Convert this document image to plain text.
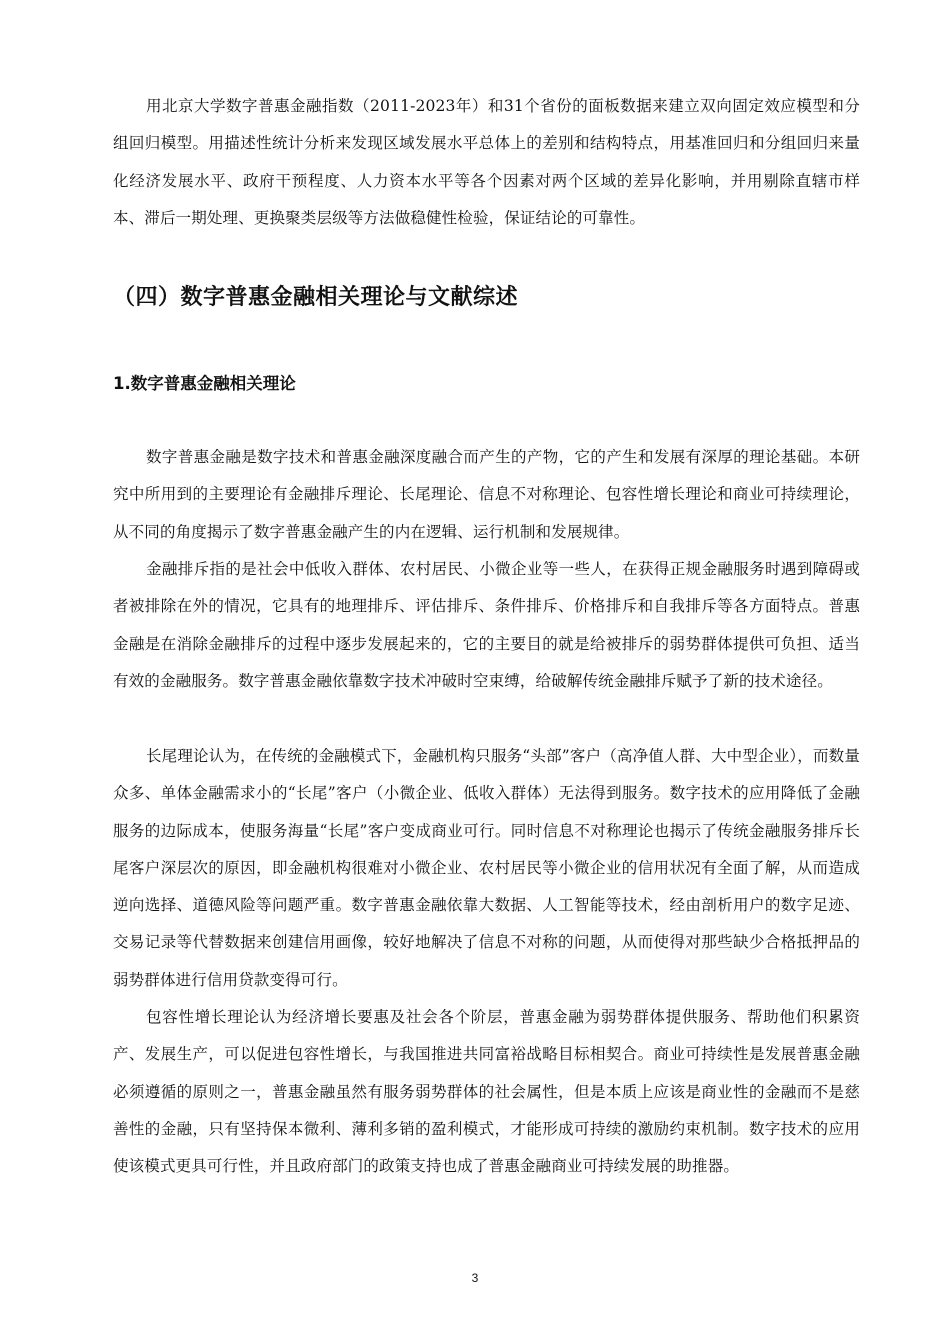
用北京大学数字普惠金融指数（2011-2023年）和31个省份的面板数据来建立双向固定效应模型和分组回归模型。用描述性统计分析来发现区域发展水平总体上的差别和结构特点，用基准回归和分组回归来量化经济发展水平、政府干预程度、人力资本水平等各个因素对两个区域的差异化影响，并用剔除直辖市样本、滞后一期处理、更换聚类层级等方法做稳健性检验，保证结论的可靠性。

（四）数字普惠金融相关理论与文献综述
1.数字普惠金融相关理论

数字普惠金融是数字技术和普惠金融深度融合而产生的产物，它的产生和发展有深厚的理论基础。本研究中所用到的主要理论有金融排斥理论、长尾理论、信息不对称理论、包容性增长理论和商业可持续理论，从不同的角度揭示了数字普惠金融产生的内在逻辑、运行机制和发展规律。

金融排斥指的是社会中低收入群体、农村居民、小微企业等一些人，在获得正规金融服务时遇到障碍或者被排除在外的情况，它具有的地理排斥、评估排斥、条件排斥、价格排斥和自我排斥等各方面特点。普惠金融是在消除金融排斥的过程中逐步发展起来的，它的主要目的就是给被排斥的弱势群体提供可负担、适当有效的金融服务。数字普惠金融依靠数字技术冲破时空束缚，给破解传统金融排斥赋予了新的技术途径。

长尾理论认为，在传统的金融模式下，金融机构只服务“头部”客户（高净值人群、大中型企业），而数量众多、单体金融需求小的“长尾”客户（小微企业、低收入群体）无法得到服务。数字技术的应用降低了金融服务的边际成本，使服务海量“长尾”客户变成商业可行。同时信息不对称理论也揭示了传统金融服务排斥长尾客户深层次的原因，即金融机构很难对小微企业、农村居民等小微企业的信用状况有全面了解，从而造成逆向选择、道德风险等问题严重。数字普惠金融依靠大数据、人工智能等技术，经由剖析用户的数字足迹、交易记录等代替数据来创建信用画像，较好地解决了信息不对称的问题，从而使得对那些缺少合格抵押品的弱势群体进行信用贷款变得可行。

包容性增长理论认为经济增长要惠及社会各个阶层，普惠金融为弱势群体提供服务、帮助他们积累资产、发展生产，可以促进包容性增长，与我国推进共同富裕战略目标相契合。商业可持续性是发展普惠金融必须遵循的原则之一，普惠金融虽然有服务弱势群体的社会属性，但是本质上应该是商业性的金融而不是慈善性的金融，只有坚持保本微利、薄利多销的盈利模式，才能形成可持续的激励约束机制。数字技术的应用使该模式更具可行性，并且政府部门的政策支持也成了普惠金融商业可持续发展的助推器。

3
